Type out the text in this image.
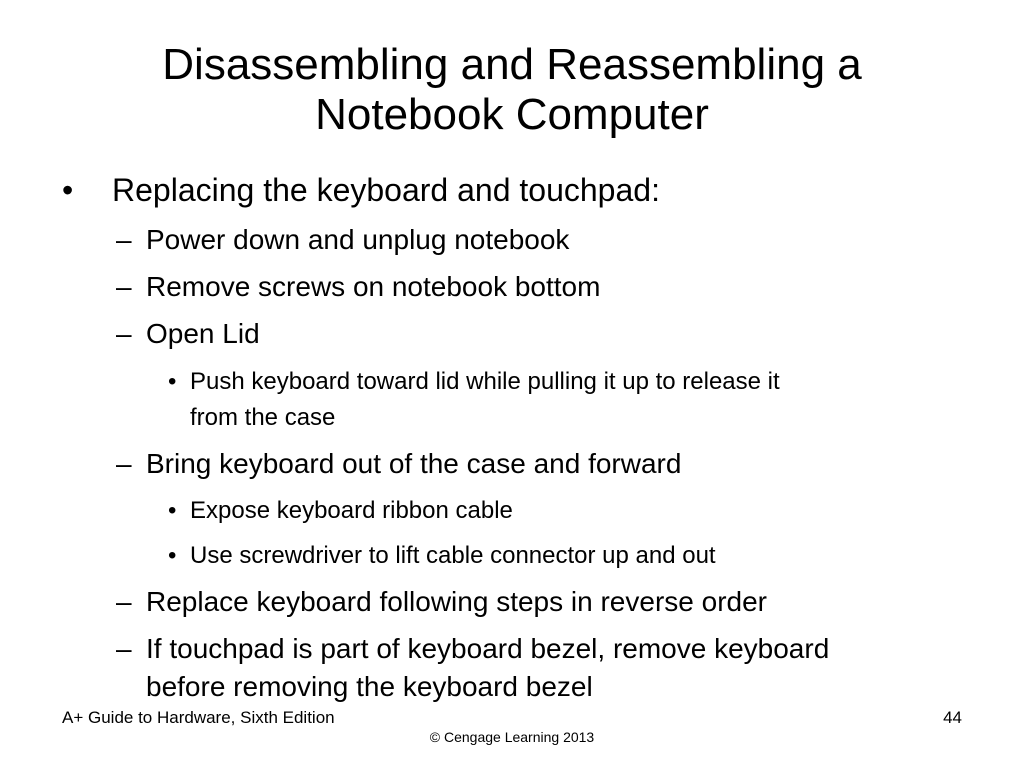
Disassembling and Reassembling a
Notebook Computer
• Replacing the keyboard and touchpad:
– Power down and unplug notebook
– Remove screws on notebook bottom
– Open Lid
• Push keyboard toward lid while pulling it up to release it
from the case
– Bring keyboard out of the case and forward
• Expose keyboard ribbon cable
• Use screwdriver to lift cable connector up and out
– Replace keyboard following steps in reverse order
– If touchpad is part of keyboard bezel, remove keyboard
before removing the keyboard bezel
A+ Guide to Hardware, Sixth Edition	44
© Cengage Learning 2013
